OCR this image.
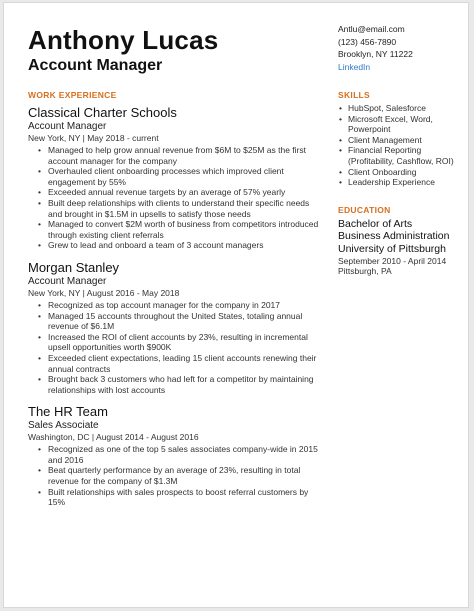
Anthony Lucas
Account Manager
WORK EXPERIENCE
Classical Charter Schools
Account Manager
New York, NY | May 2018 - current
• Managed to help grow annual revenue from $6M to $25M as the first account manager for the company
• Overhauled client onboarding processes which improved client engagement by 55%
• Exceeded annual revenue targets by an average of 57% yearly
• Built deep relationships with clients to understand their specific needs and brought in $1.5M in upsells to satisfy those needs
• Managed to convert $2M worth of business from competitors introduced through existing client referrals
• Grew to lead and onboard a team of 3 account managers
Morgan Stanley
Account Manager
New York, NY | August 2016 - May 2018
• Recognized as top account manager for the company in 2017
• Managed 15 accounts throughout the United States, totaling annual revenue of $6.1M
• Increased the ROI of client accounts by 23%, resulting in incremental upsell opportunities worth $900K
• Exceeded client expectations, leading 15 client accounts renewing their annual contracts
• Brought back 3 customers who had left for a competitor by maintaining relationships with lost accounts
The HR Team
Sales Associate
Washington, DC | August 2014 - August 2016
• Recognized as one of the top 5 sales associates company-wide in 2015 and 2016
• Beat quarterly performance by an average of 23%, resulting in total revenue for the company of $1.3M
• Built relationships with sales prospects to boost referral customers by 15%
Antlu@email.com
(123) 456-7890
Brooklyn, NY 11222
LinkedIn
SKILLS
• HubSpot, Salesforce
• Microsoft Excel, Word, Powerpoint
• Client Management
• Financial Reporting (Profitability, Cashflow, ROI)
• Client Onboarding
• Leadership Experience
EDUCATION
Bachelor of Arts
Business Administration
University of Pittsburgh
September 2010 - April 2014
Pittsburgh, PA
